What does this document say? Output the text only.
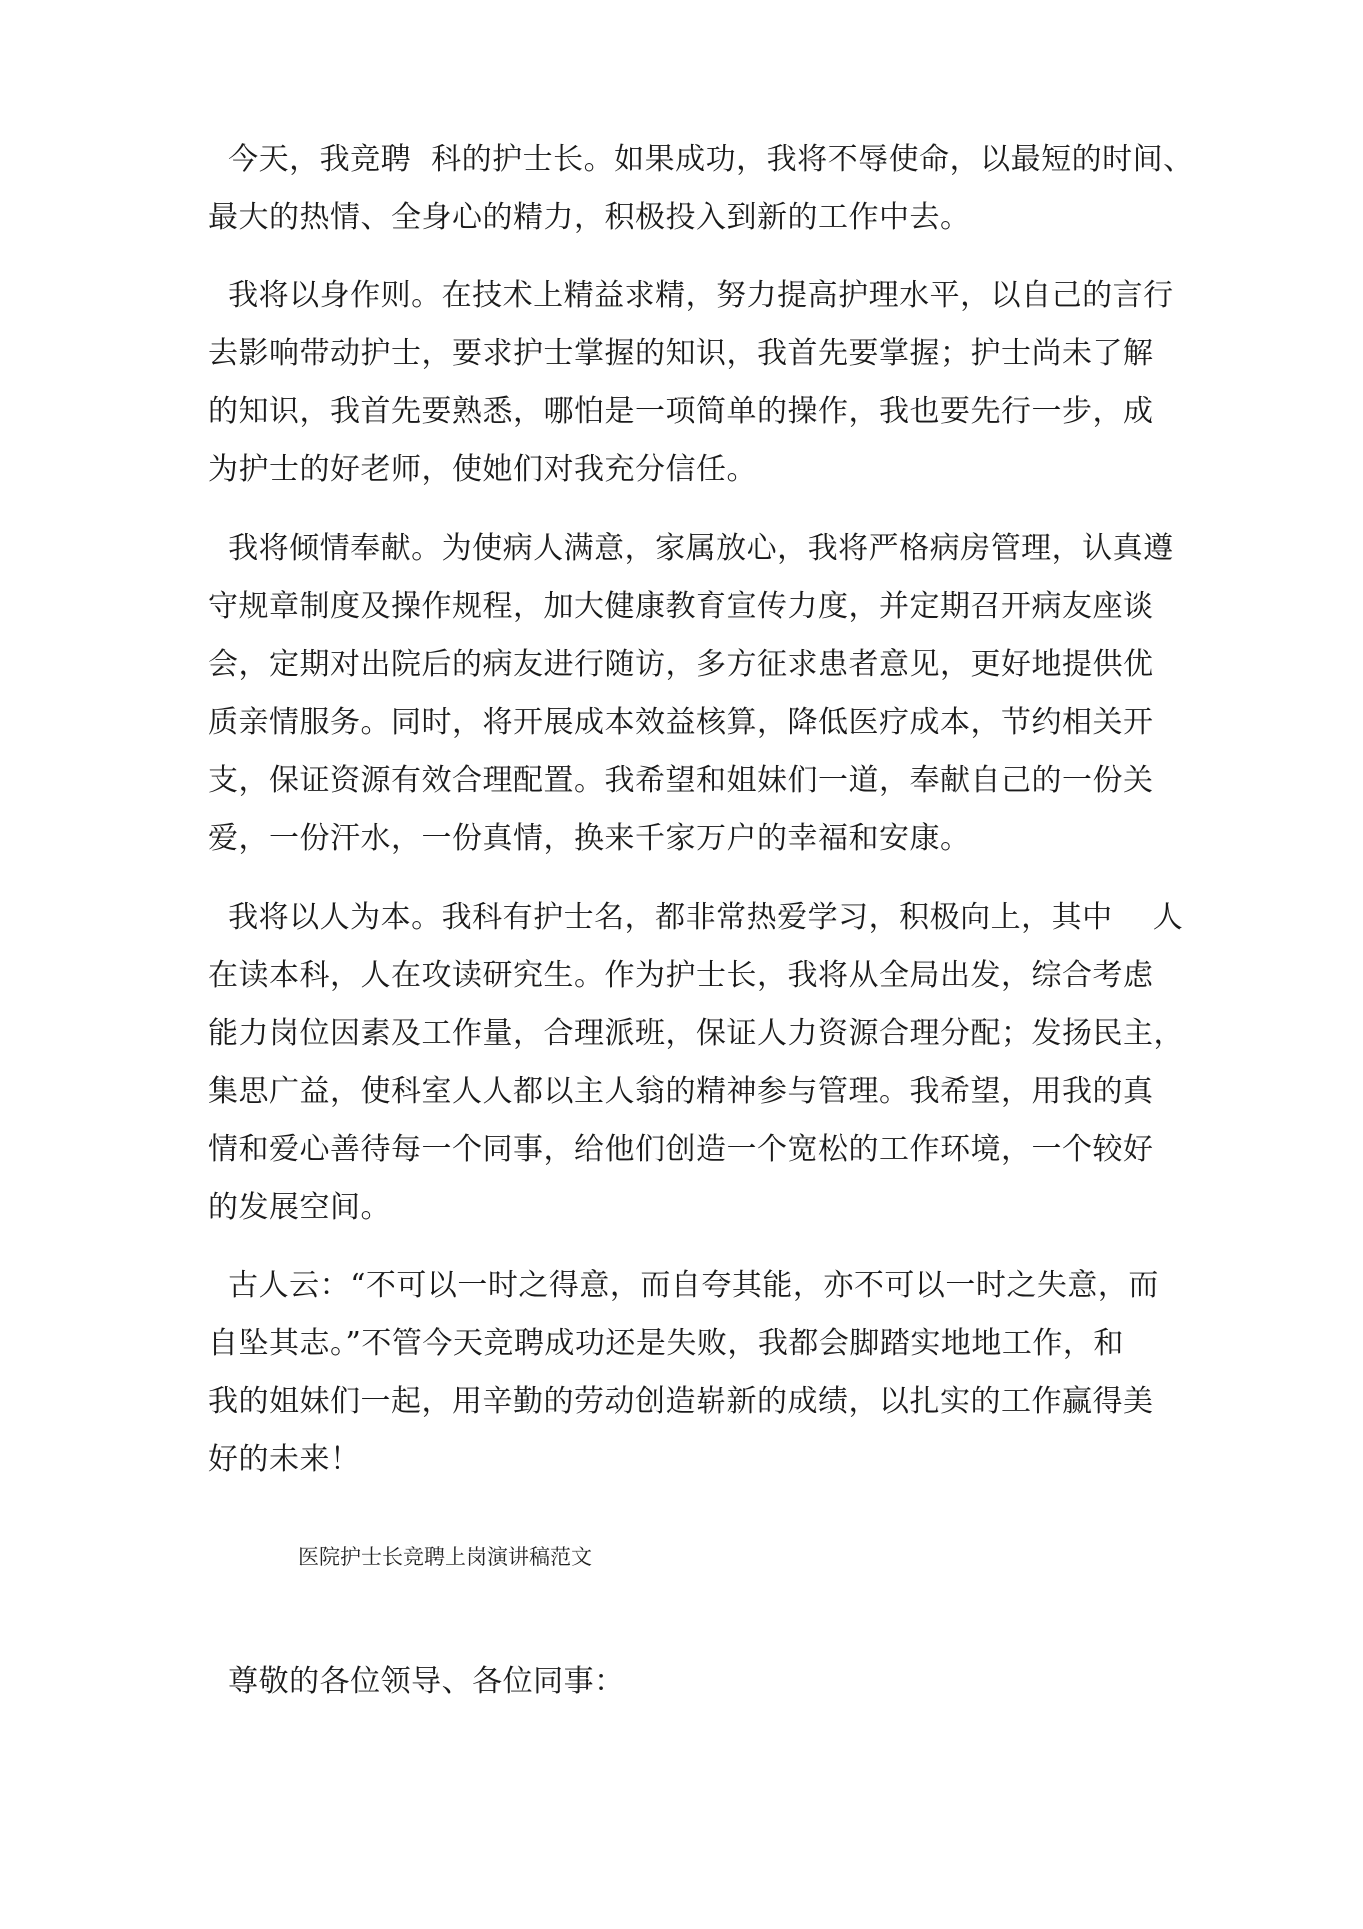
今天，我竞聘  科的护士长。如果成功，我将不辱使命，以最短的时间、
最大的热情、全身心的精力，积极投入到新的工作中去。
我将以身作则。在技术上精益求精，努力提高护理水平，以自己的言行
去影响带动护士，要求护士掌握的知识，我首先要掌握；护士尚未了解
的知识，我首先要熟悉，哪怕是一项简单的操作，我也要先行一步，成
为护士的好老师，使她们对我充分信任。
我将倾情奉献。为使病人满意，家属放心，我将严格病房管理，认真遵
守规章制度及操作规程，加大健康教育宣传力度，并定期召开病友座谈
会，定期对出院后的病友进行随访，多方征求患者意见，更好地提供优
质亲情服务。同时，将开展成本效益核算，降低医疗成本，节约相关开
支，保证资源有效合理配置。我希望和姐妹们一道，奉献自己的一份关
爱，一份汗水，一份真情，换来千家万户的幸福和安康。
我将以人为本。我科有护士名，都非常热爱学习，积极向上，其中    人
在读本科，人在攻读研究生。作为护士长，我将从全局出发，综合考虑
能力岗位因素及工作量，合理派班，保证人力资源合理分配；发扬民主，
集思广益，使科室人人都以主人翁的精神参与管理。我希望，用我的真
情和爱心善待每一个同事，给他们创造一个宽松的工作环境，一个较好
的发展空间。
古人云：“不可以一时之得意，而自夸其能，亦不可以一时之失意，而
自坠其志。”不管今天竞聘成功还是失败，我都会脚踏实地地工作，和
我的姐妹们一起，用辛勤的劳动创造崭新的成绩，以扎实的工作赢得美
好的未来！
医院护士长竞聘上岗演讲稿范文
尊敬的各位领导、各位同事：
